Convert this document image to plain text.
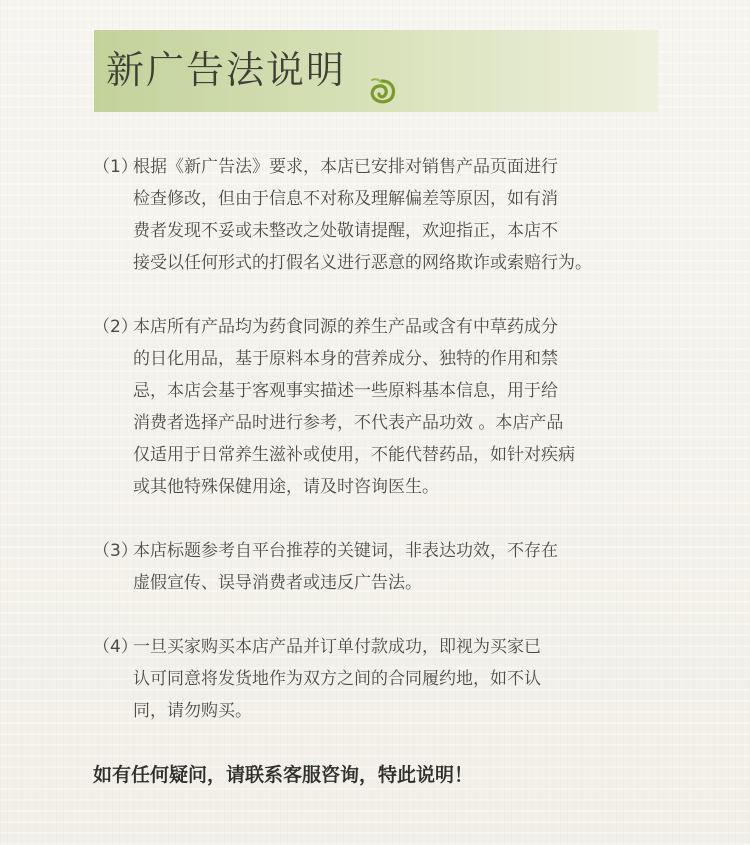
新广告法说明
（1）
根据《新广告法》要求，本店已安排对销售产品页面进行
检查修改，但由于信息不对称及理解偏差等原因，如有消
费者发现不妥或未整改之处敬请提醒，欢迎指正，本店不
接受以任何形式的打假名义进行恶意的网络欺诈或索赔行为。
（2）
本店所有产品均为药食同源的养生产品或含有中草药成分
的日化用品，基于原料本身的营养成分、独特的作用和禁
忌，本店会基于客观事实描述一些原料基本信息，用于给
消费者选择产品时进行参考，不代表产品功效 。本店产品
仅适用于日常养生滋补或使用，不能代替药品，如针对疾病
或其他特殊保健用途，请及时咨询医生。
（3）
本店标题参考自平台推荐的关键词，非表达功效，不存在
虚假宣传、误导消费者或违反广告法。
（4）
一旦买家购买本店产品并订单付款成功，即视为买家已
认可同意将发货地作为双方之间的合同履约地，如不认
同，请勿购买。
如有任何疑问，请联系客服咨询，特此说明！
